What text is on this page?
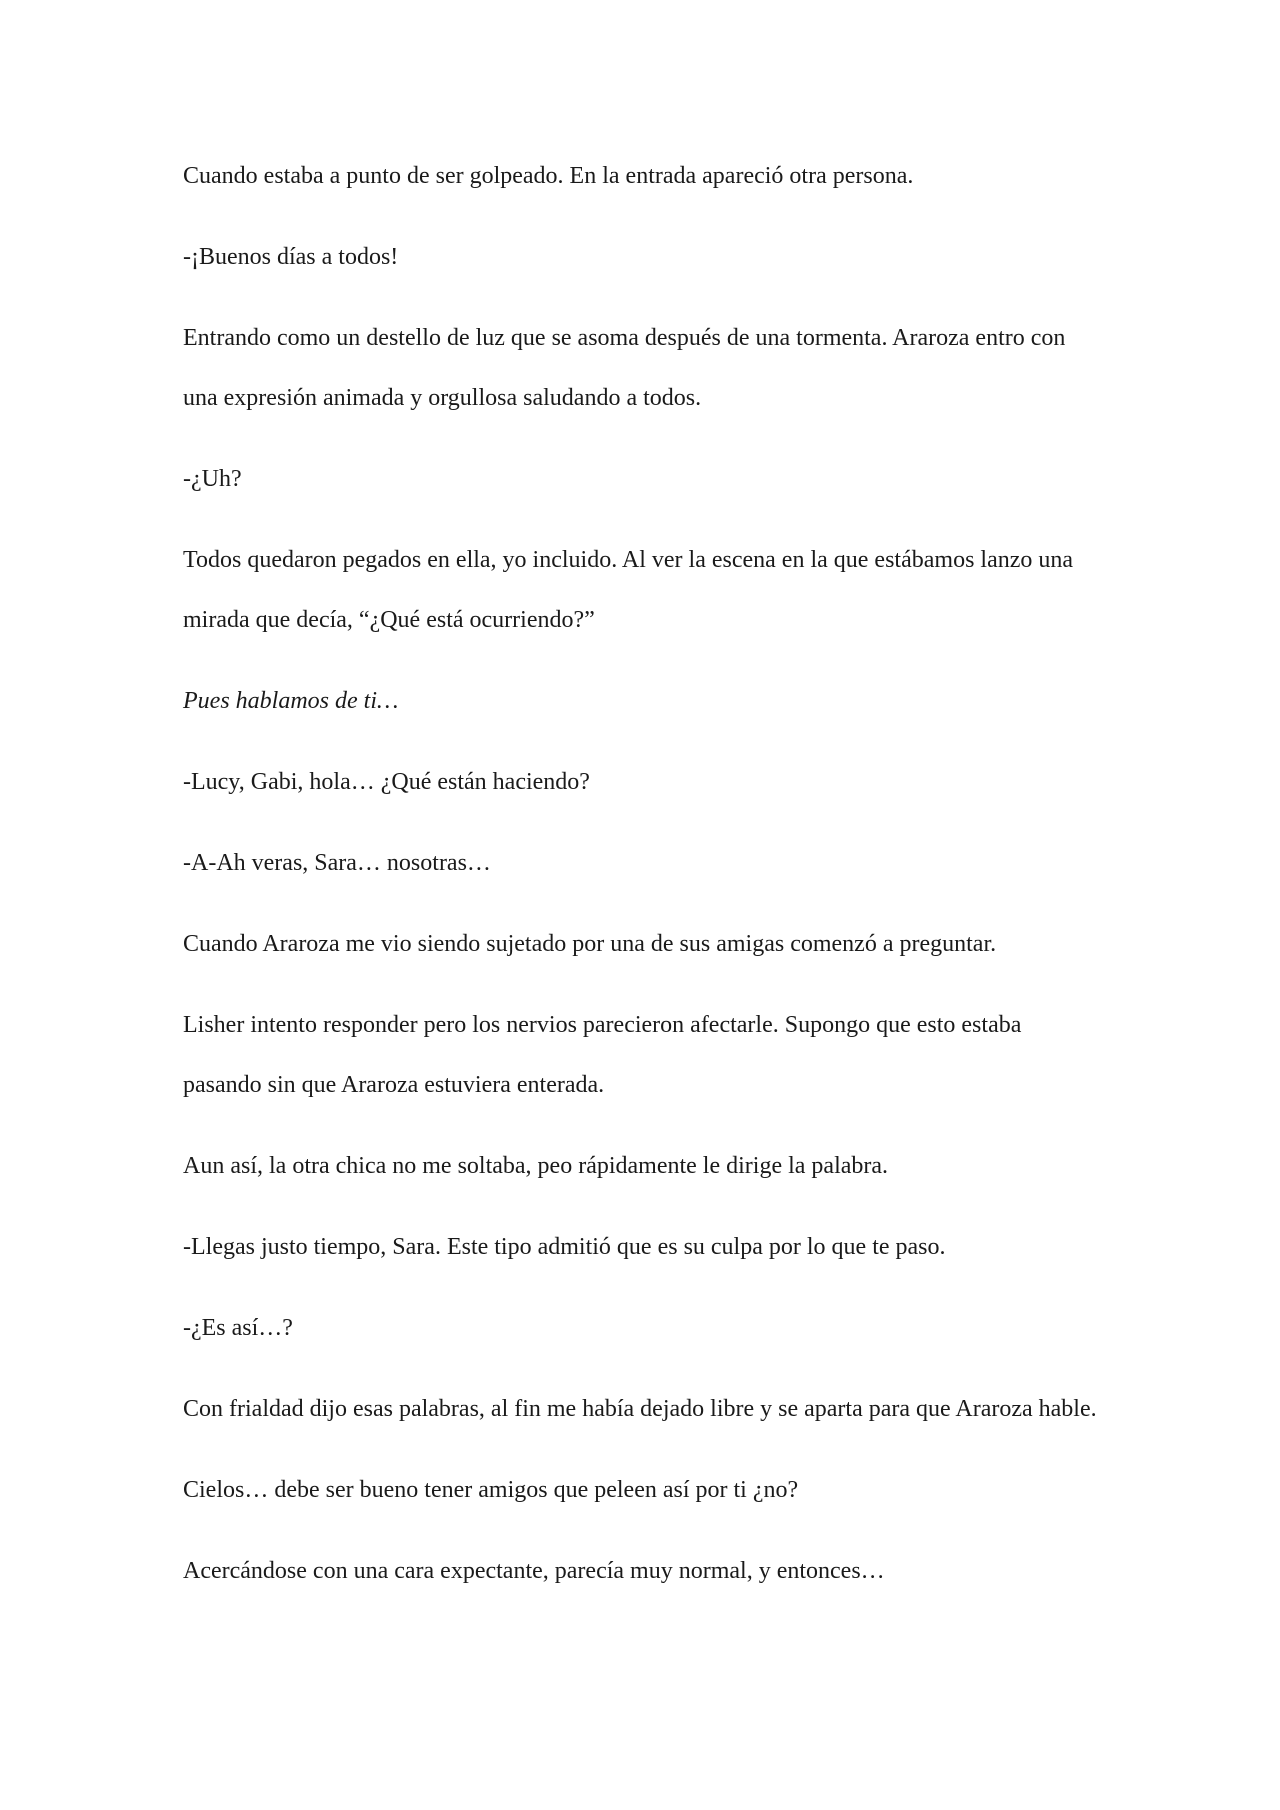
Cuando estaba a punto de ser golpeado. En la entrada apareció otra persona.

-¡Buenos días a todos!

Entrando como un destello de luz que se asoma después de una tormenta. Araroza entro con una expresión animada y orgullosa saludando a todos.

-¿Uh?

Todos quedaron pegados en ella, yo incluido. Al ver la escena en la que estábamos lanzo una mirada que decía, “¿Qué está ocurriendo?”

Pues hablamos de ti…

-Lucy, Gabi, hola… ¿Qué están haciendo?

-A-Ah veras, Sara… nosotras…

Cuando Araroza me vio siendo sujetado por una de sus amigas comenzó a preguntar.

Lisher intento responder pero los nervios parecieron afectarle. Supongo que esto estaba pasando sin que Araroza estuviera enterada.

Aun así, la otra chica no me soltaba, peo rápidamente le dirige la palabra.

-Llegas justo tiempo, Sara. Este tipo admitió que es su culpa por lo que te paso.

-¿Es así…?

Con frialdad dijo esas palabras, al fin me había dejado libre y se aparta para que Araroza hable.

Cielos… debe ser bueno tener amigos que peleen así por ti ¿no?

Acercándose con una cara expectante, parecía muy normal, y entonces…
